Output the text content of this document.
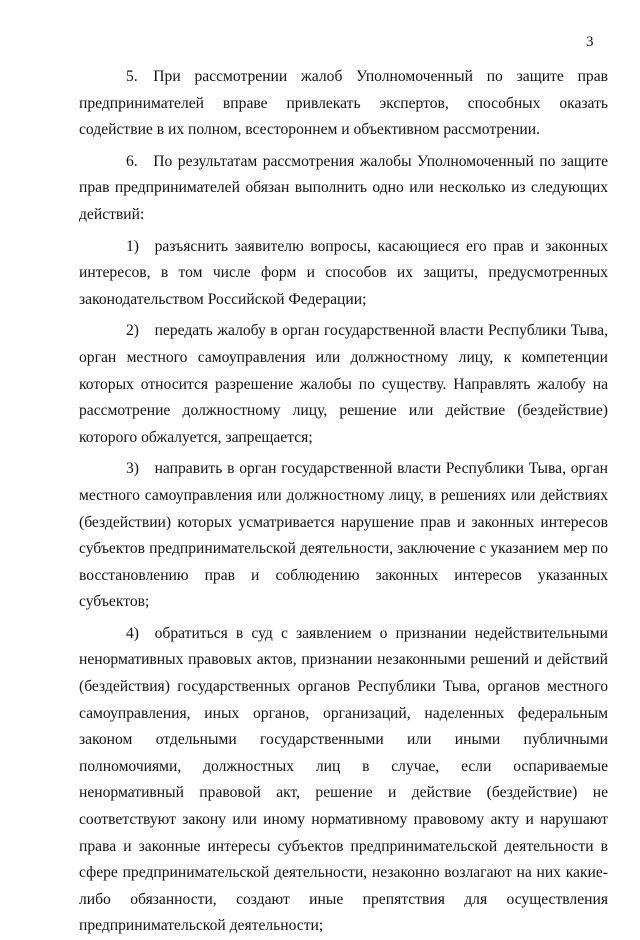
3

5. При рассмотрении жалоб Уполномоченный по защите прав предпринимателей вправе привлекать экспертов, способных оказать содействие в их полном, всестороннем и объективном рассмотрении.

6. По результатам рассмотрения жалобы Уполномоченный по защите прав предпринимателей обязан выполнить одно или несколько из следующих действий:

1) разъяснить заявителю вопросы, касающиеся его прав и законных интересов, в том числе форм и способов их защиты, предусмотренных законодательством Российской Федерации;

2) передать жалобу в орган государственной власти Республики Тыва, орган местного самоуправления или должностному лицу, к компетенции которых относится разрешение жалобы по существу. Направлять жалобу на рассмотрение должностному лицу, решение или действие (бездействие) которого обжалуется, запрещается;

3) направить в орган государственной власти Республики Тыва, орган местного самоуправления или должностному лицу, в решениях или действиях (бездействии) которых усматривается нарушение прав и законных интересов субъектов предпринимательской деятельности, заключение с указанием мер по восстановлению прав и соблюдению законных интересов указанных субъектов;

4) обратиться в суд с заявлением о признании недействительными ненормативных правовых актов, признании незаконными решений и действий (бездействия) государственных органов Республики Тыва, органов местного самоуправления, иных органов, организаций, наделенных федеральным законом отдельными государственными или иными публичными полномочиями, должностных лиц в случае, если оспариваемые ненормативный правовой акт, решение и действие (бездействие) не соответствуют закону или иному нормативному правовому акту и нарушают права и законные интересы субъектов предпринимательской деятельности в сфере предпринимательской деятельности, незаконно возлагают на них какие-либо обязанности, создают иные препятствия для осуществления предпринимательской деятельности;
